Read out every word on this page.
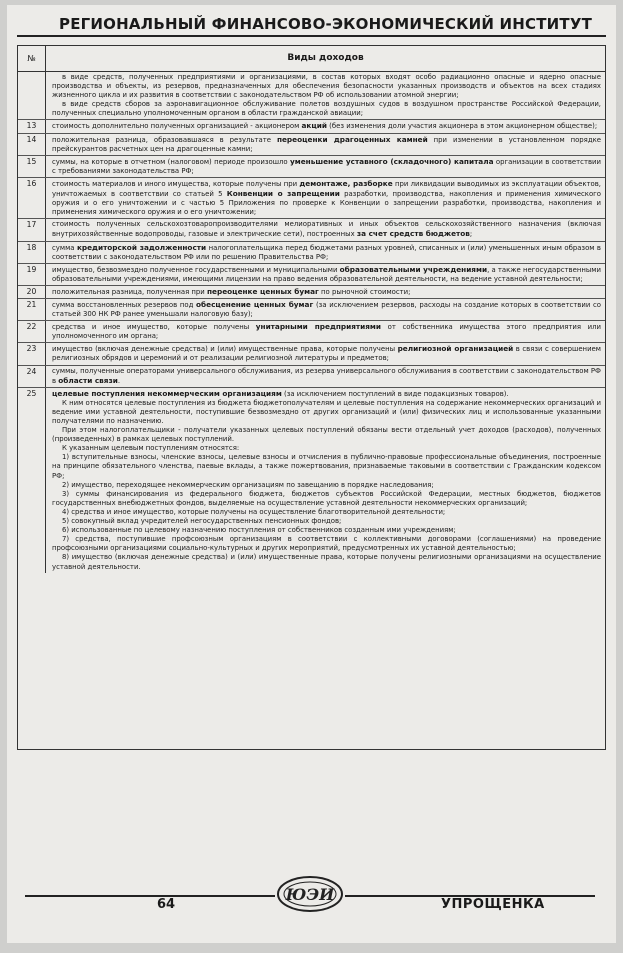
РЕГИОНАЛЬНЫЙ ФИНАНСОВО-ЭКОНОМИЧЕСКИЙ ИНСТИТУТ
№	Виды доходов

в виде средств, полученных предприятиями и организациями, в состав которых входят особо радиационно опасные и ядерно опасные производства и объекты, из резервов, предназначенных для обеспечения безопасности указанных производств и объектов на всех стадиях жизненного цикла и их развития в соответствии с законодательством РФ об использовании атомной энергии;

в виде средств сборов за аэронавигационное обслуживание полетов воздушных судов в воздушном пространстве Российской Федерации, полученных специально уполномоченным органом в области гражданской авиации;

13	стоимость дополнительно полученных организацией - акционером акций (без изменения доли участия акционера в этом акционерном обществе);

14	положительная разница, образовавшаяся в результате переоценки драгоценных камней при изменении в установленном порядке прейскурантов расчетных цен на драгоценные камни;

15	суммы, на которые в отчетном (налоговом) периоде произошло уменьшение уставного (складочного) капитала организации в соответствии с требованиями законодательства РФ;

16	стоимость материалов и иного имущества, которые получены при демонтаже, разборке при ликвидации выводимых из эксплуатации объектов, уничтожаемых в соответствии со статьей 5 Конвенции о запрещении разработки, производства, накопления и применения химического оружия и о его уничтожении и с частью 5 Приложения по проверке к Конвенции о запрещении разработки, производства, накопления и применения химического оружия и о его уничтожении;

17	стоимость полученных сельскохозтоваропроизводителями мелиоративных и иных объектов сельскохозяйственного назначения (включая внутрихозяйственные водопроводы, газовые и электрические сети), построенных за счет средств бюджетов;

18	сумма кредиторской задолженности налогоплательщика перед бюджетами разных уровней, списанных и (или) уменьшенных иным образом в соответствии с законодательством РФ или по решению Правительства РФ;

19	имущество, безвозмездно полученное государственными и муниципальными образовательными учреждениями, а также негосударственными образовательными учреждениями, имеющими лицензии на право ведения образовательной деятельности, на ведение уставной деятельности;

20	положительная разница, полученная при переоценке ценных бумаг по рыночной стоимости;

21	сумма восстановленных резервов под обесценение ценных бумаг (за исключением резервов, расходы на создание которых в соответствии со статьей 300 НК РФ ранее уменьшали налоговую базу);

22	средства и иное имущество, которые получены унитарными предприятиями от собственника имущества этого предприятия или уполномоченного им органа;

23	имущество (включая денежные средства) и (или) имущественные права, которые получены религиозной организацией в связи с совершением религиозных обрядов и церемоний и от реализации религиозной литературы и предметов;

24	суммы, полученные операторами универсального обслуживания, из резерва универсального обслуживания в соответствии с законодательством РФ в области связи.

25	целевые поступления некоммерческим организациям (за исключением поступлений в виде подакцизных товаров).

К ним относятся целевые поступления из бюджета бюджетополучателям и целевые поступления на содержание некоммерческих организаций и ведение ими уставной деятельности, поступившие безвозмездно от других организаций и (или) физических лиц и использованные указанными получателями по назначению.

При этом налогоплательщики - получатели указанных целевых поступлений обязаны вести отдельный учет доходов (расходов), полученных (произведенных) в рамках целевых поступлений.

К указанным целевым поступлениям относятся:

1) вступительные взносы, членские взносы, целевые взносы и отчисления в публично-правовые профессиональные объединения, построенные на принципе обязательного членства, паевые вклады, а также пожертвования, признаваемые таковыми в соответствии с Гражданским кодексом РФ;

2) имущество, переходящее некоммерческим организациям по завещанию в порядке наследования;

3) суммы финансирования из федерального бюджета, бюджетов субъектов Российской Федерации, местных бюджетов, бюджетов государственных внебюджетных фондов, выделяемые на осуществление уставной деятельности некоммерческих организаций;

4) средства и иное имущество, которые получены на осуществление благотворительной деятельности;

5) совокупный вклад учредителей негосударственных пенсионных фондов;

6) использованные по целевому назначению поступления от собственников созданным ими учреждениям;

7) средства, поступившие профсоюзным организациям в соответствии с коллективными договорами (соглашениями) на проведение профсоюзными организациями социально-культурных и других мероприятий, предусмотренных их уставной деятельностью;

8) имущество (включая денежные средства) и (или) имущественные права, которые получены религиозными организациями на осуществление уставной деятельности.

64
ЮЭИ
УПРОЩЕНКА
